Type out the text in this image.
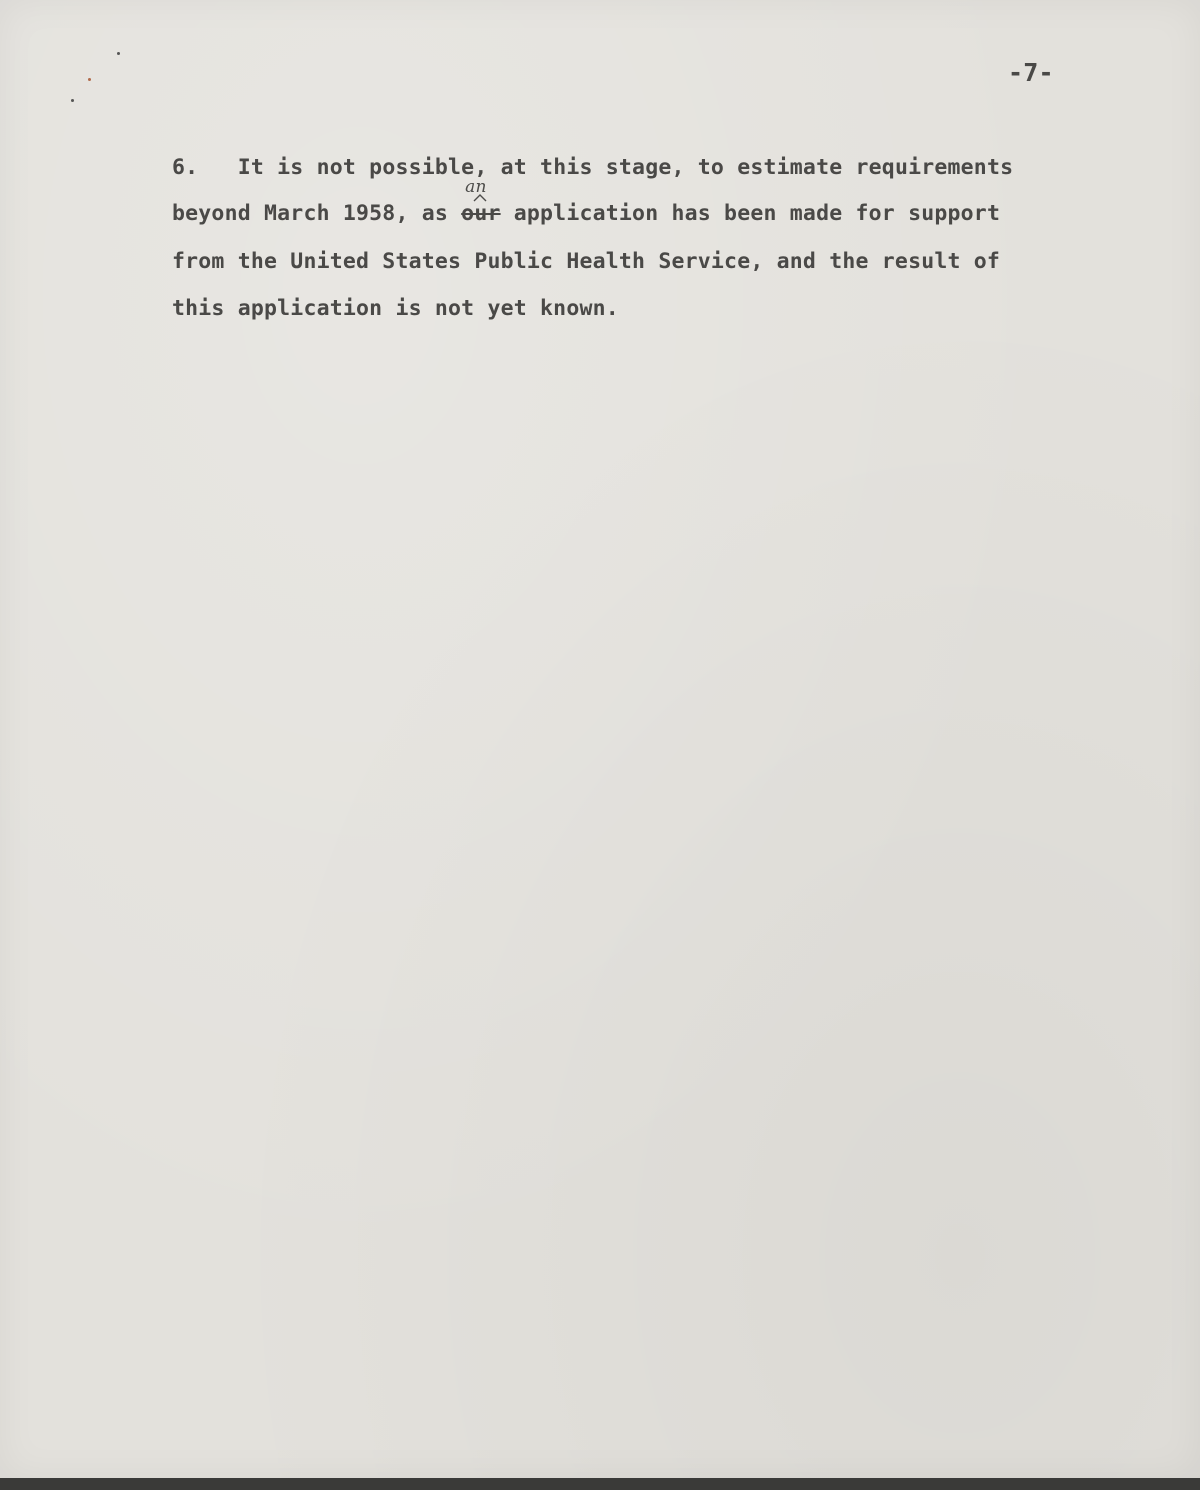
-7-
6. It is not possible, at this stage, to estimate requirements
beyond March 1958, as our
an
application has been made for support
from the United States Public Health Service, and the result of
this application is not yet known.
